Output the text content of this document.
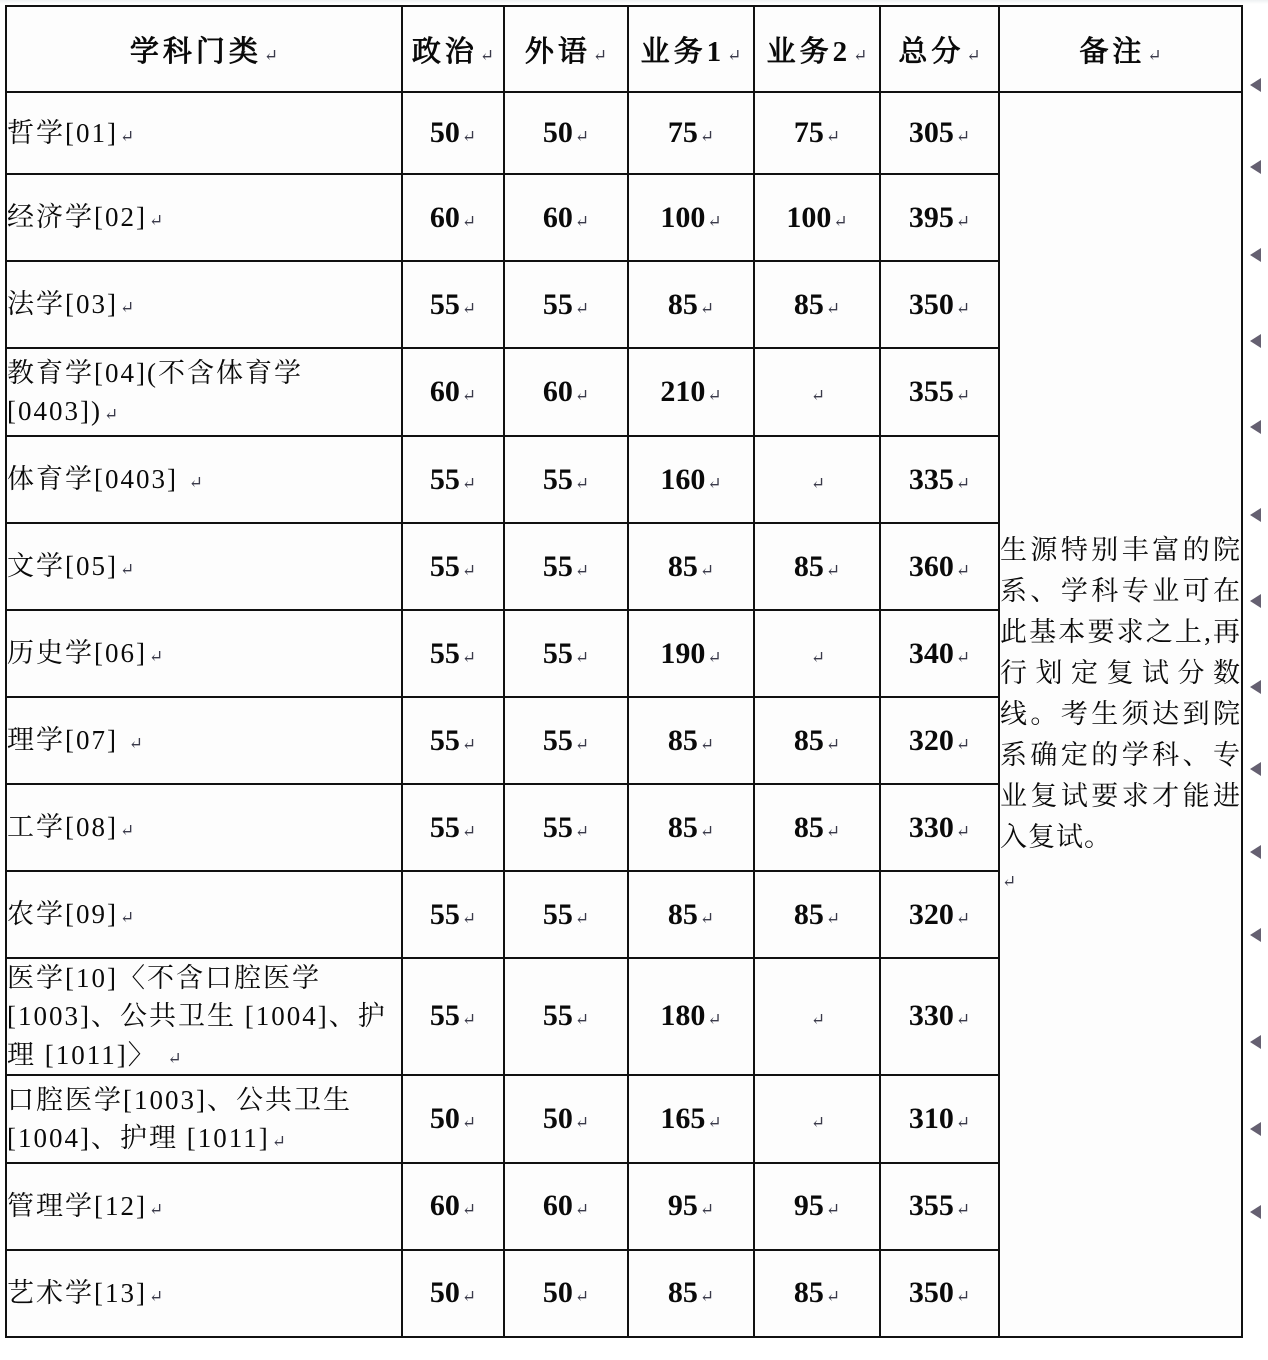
学科门类 ↵	政治 ↵	外语 ↵	业务1 ↵	业务2 ↵	总分 ↵	备注 ↵
哲学[01] ↵	50 ↵	50 ↵	75 ↵	75 ↵	305 ↵	生源特别丰富的院系、学科专业可在此基本要求之上,再行划定复试分数线。考生须达到院系确定的学科、专业复试要求才能进入复试。
↵
经济学[02] ↵	60 ↵	60 ↵	100 ↵	100 ↵	395 ↵	
法学[03] ↵	55 ↵	55 ↵	85 ↵	85 ↵	350 ↵	
教育学[04](不含体育学[0403]) ↵	60 ↵	60 ↵	210 ↵	↵	355 ↵	
体育学[0403] ↵	55 ↵	55 ↵	160 ↵	↵	335 ↵	
文学[05] ↵	55 ↵	55 ↵	85 ↵	85 ↵	360 ↵	
历史学[06] ↵	55 ↵	55 ↵	190 ↵	↵	340 ↵	
理学[07] ↵	55 ↵	55 ↵	85 ↵	85 ↵	320 ↵	
工学[08] ↵	55 ↵	55 ↵	85 ↵	85 ↵	330 ↵	
农学[09] ↵	55 ↵	55 ↵	85 ↵	85 ↵	320 ↵	
医学[10]〈不含口腔医学[1003]、公共卫生 [1004]、护理 [1011]〉 ↵	55 ↵	55 ↵	180 ↵	↵	330 ↵	
口腔医学[1003]、公共卫生 [1004]、护理 [1011] ↵	50 ↵	50 ↵	165 ↵	↵	310 ↵	
管理学[12] ↵	60 ↵	60 ↵	95 ↵	95 ↵	355 ↵	
艺术学[13] ↵	50 ↵	50 ↵	85 ↵	85 ↵	350 ↵	
